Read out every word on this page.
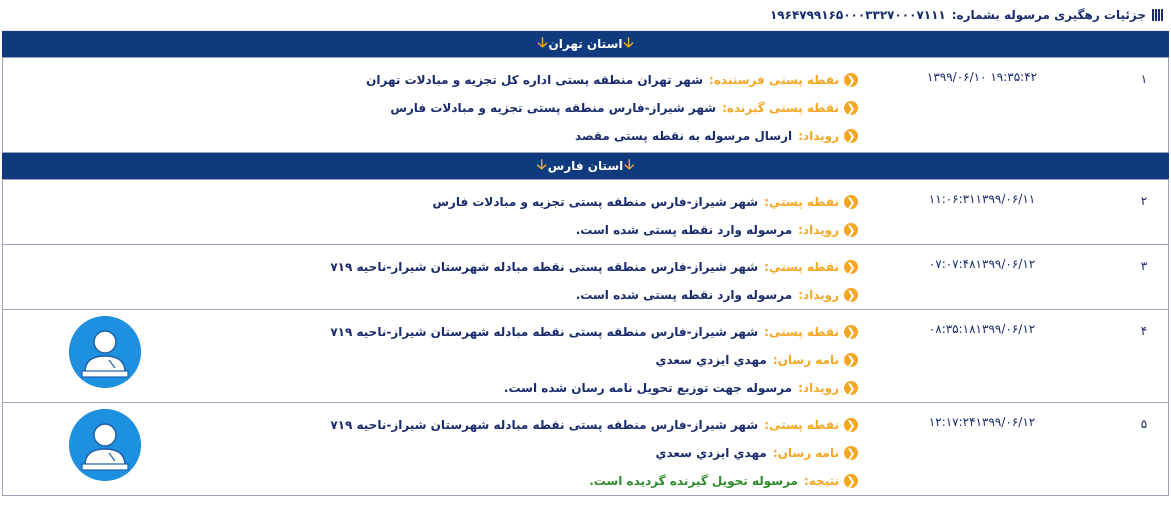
جزئیات رهگیری مرسوله بشماره:
۱۹۶۴۷۹۹۱۶۵۰۰۰۳۳۲۷۰۰۰۷۱۱۱
🡣
استان تهران
🡣
۱
۱۹:۳۵:۴۲ ۱۳۹۹/۰۶/۱۰
❮
نقطه پستی فرستنده:
شهر تهران منطقه پستی اداره کل تجزیه و مبادلات تهران
❮
نقطه پستی گیرنده:
شهر شیراز-فارس منطقه پستی تجزیه و مبادلات فارس
❮
رویداد:
ارسال مرسوله به نقطه پستی مقصد
🡣
استان فارس
🡣
۲
۱۱:۰۶:۳۱۱۳۹۹/۰۶/۱۱
❮
نقطه پستي:
شهر شیراز-فارس منطقه پستی تجزیه و مبادلات فارس
❮
رویداد:
مرسوله وارد نقطه پستی شده است.
۳
۰۷:۰۷:۴۸۱۳۹۹/۰۶/۱۲
❮
نقطه پستي:
شهر شیراز-فارس منطقه پستی نقطه مبادله شهرستان شیراز-ناحیه ۷۱۹
❮
رویداد:
مرسوله وارد نقطه پستی شده است.
۴
۰۸:۳۵:۱۸۱۳۹۹/۰۶/۱۲
❮
نقطه پستی:
شهر شیراز-فارس منطقه پستی نقطه مبادله شهرستان شیراز-ناحیه ۷۱۹
❮
نامه رسان:
مهدي ايزدي سعدي
❮
رویداد:
مرسوله جهت توزیع تحویل نامه رسان شده است.
۵
۱۲:۱۷:۲۴۱۳۹۹/۰۶/۱۲
❮
نقطه پستی:
شهر شیراز-فارس منطقه پستی نقطه مبادله شهرستان شیراز-ناحیه ۷۱۹
❮
نامه رسان:
مهدي ايزدي سعدي
❮
نتیجه:
مرسوله تحویل گیرنده گردیده است.
